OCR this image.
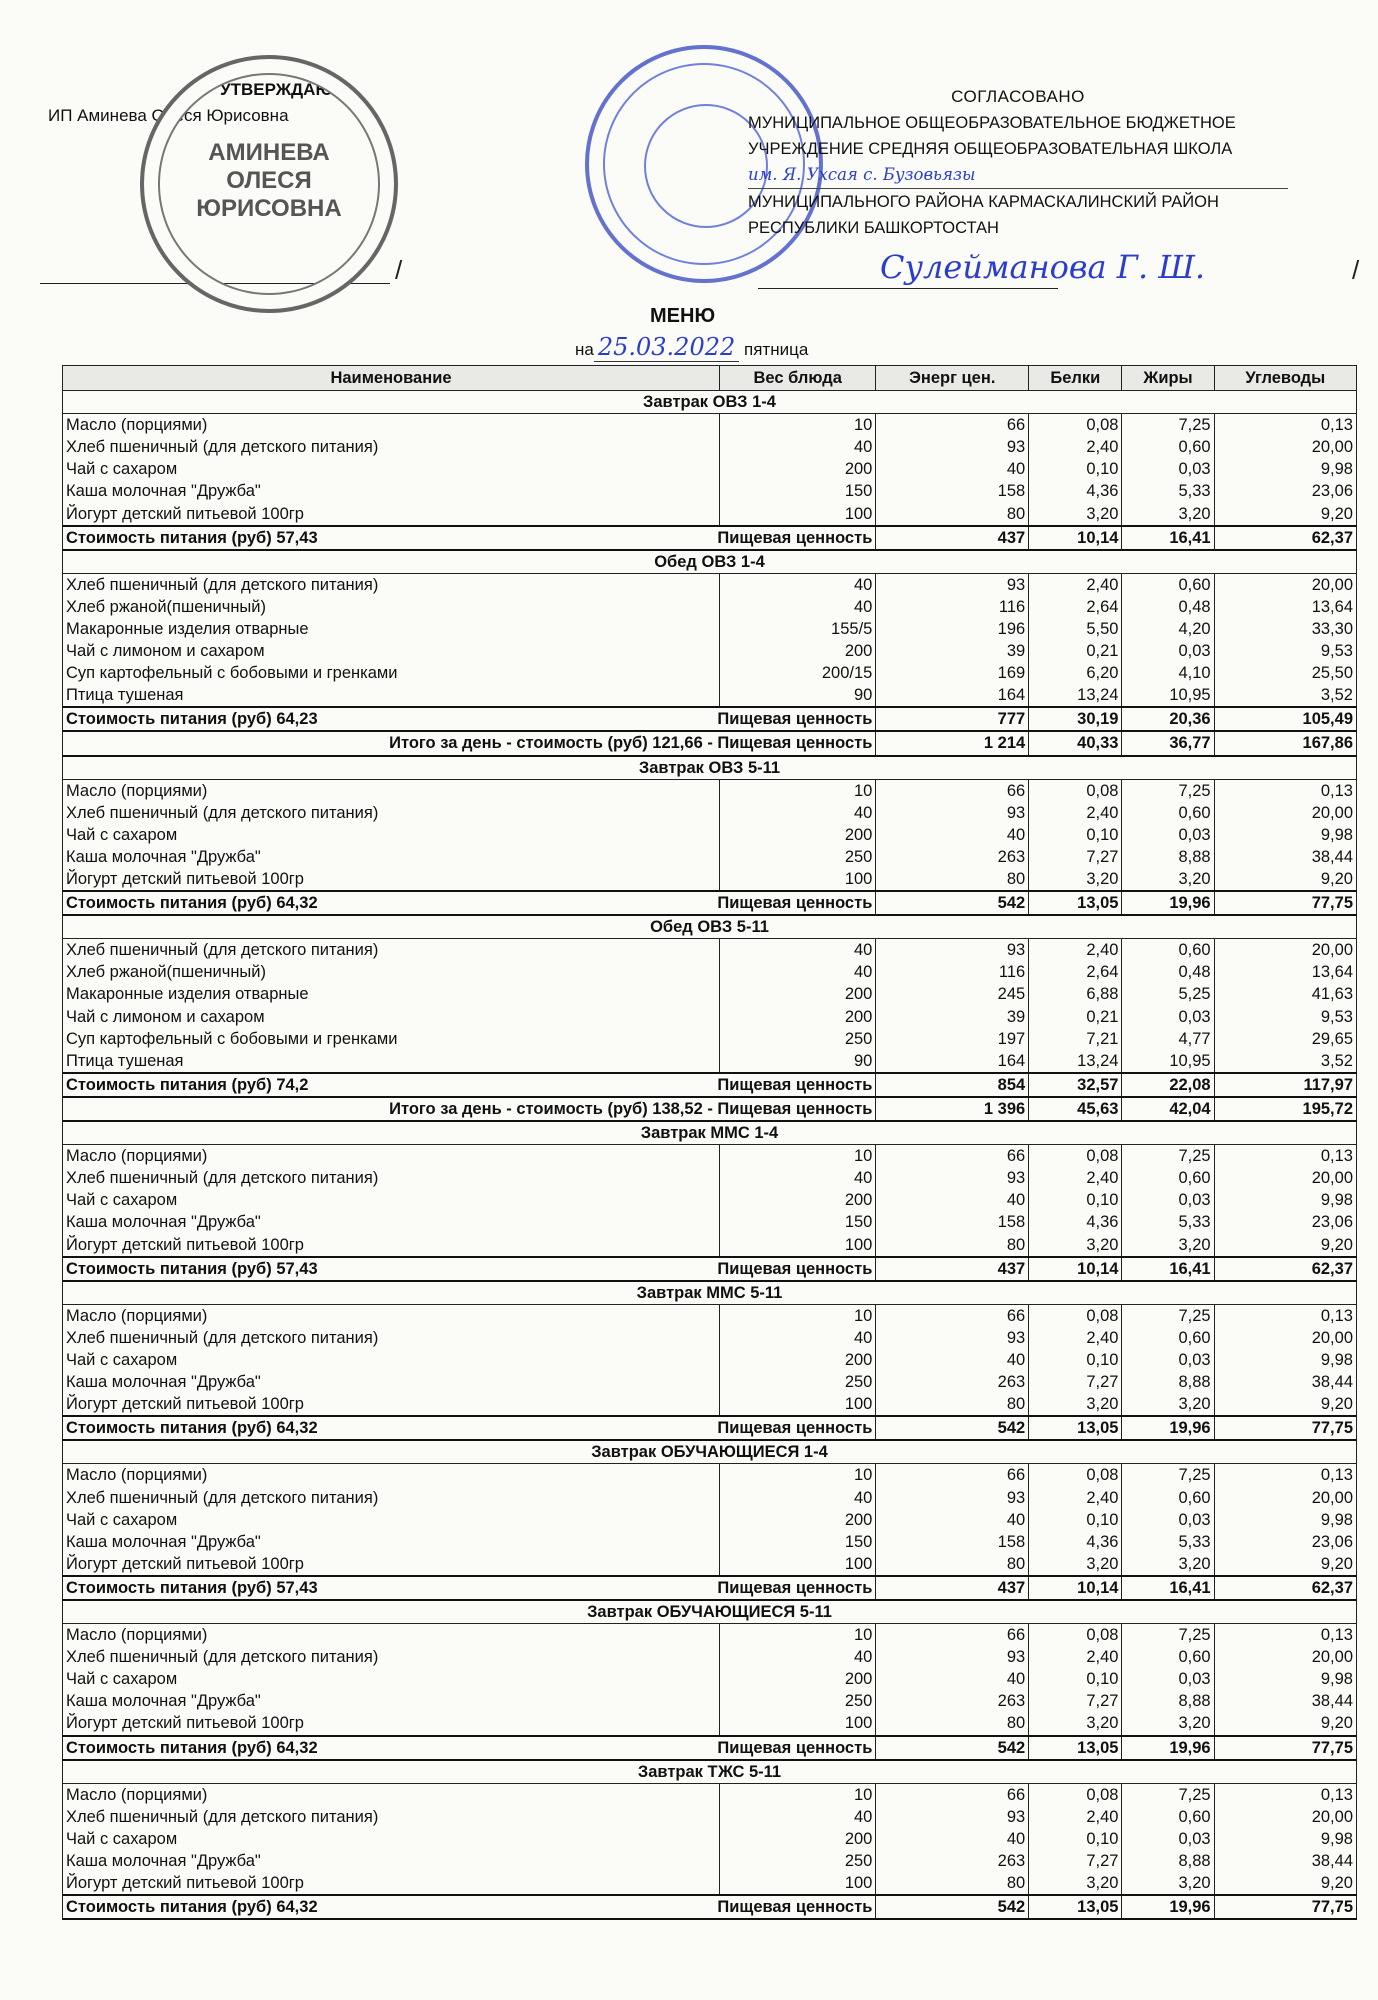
УТВЕРЖДАЮ
ИП Аминева Олеся Юрисовна
АМИНЕВА
ОЛЕСЯ
ЮРИСОВНА
/	/
СОГЛАСОВАНО
МУНИЦИПАЛЬНОЕ ОБЩЕОБРАЗОВАТЕЛЬНОЕ БЮДЖЕТНОЕ
УЧРЕЖДЕНИЕ СРЕДНЯЯ ОБЩЕОБРАЗОВАТЕЛЬНАЯ ШКОЛА
им. Я. Ухсая с. Бузовьязы
МУНИЦИПАЛЬНОГО РАЙОНА КАРМАСКАЛИНСКИЙ РАЙОН
РЕСПУБЛИКИ БАШКОРТОСТАН
Сулейманова Г. Ш.
МЕНЮ
на 25.03.2022 пятница
Наименование	Вес блюда	Энерг цен.	Белки	Жиры	Углеводы
Завтрак ОВЗ 1-4					
Масло (порциями)	10	66	0,08	7,25	0,13
Хлеб пшеничный (для детского питания)	40	93	2,40	0,60	20,00
Чай с сахаром	200	40	0,10	0,03	9,98
Каша молочная "Дружба"	150	158	4,36	5,33	23,06
Йогурт детский питьевой 100гр	100	80	3,20	3,20	9,20
Стоимость питания (руб) 57,43 Пищевая ценность		437	10,14	16,41	62,37
Обед ОВЗ 1-4					
Хлеб пшеничный (для детского питания)	40	93	2,40	0,60	20,00
Хлеб ржаной(пшеничный)	40	116	2,64	0,48	13,64
Макаронные изделия отварные	155/5	196	5,50	4,20	33,30
Чай с лимоном и сахаром	200	39	0,21	0,03	9,53
Суп картофельный с бобовыми и гренками	200/15	169	6,20	4,10	25,50
Птица тушеная	90	164	13,24	10,95	3,52
Стоимость питания (руб) 64,23 Пищевая ценность		777	30,19	20,36	105,49
Итого за день - стоимость (руб) 121,66 - Пищевая ценность		1 214	40,33	36,77	167,86
Завтрак ОВЗ 5-11					
Масло (порциями)	10	66	0,08	7,25	0,13
Хлеб пшеничный (для детского питания)	40	93	2,40	0,60	20,00
Чай с сахаром	200	40	0,10	0,03	9,98
Каша молочная "Дружба"	250	263	7,27	8,88	38,44
Йогурт детский питьевой 100гр	100	80	3,20	3,20	9,20
Стоимость питания (руб) 64,32 Пищевая ценность		542	13,05	19,96	77,75
Обед ОВЗ 5-11					
Хлеб пшеничный (для детского питания)	40	93	2,40	0,60	20,00
Хлеб ржаной(пшеничный)	40	116	2,64	0,48	13,64
Макаронные изделия отварные	200	245	6,88	5,25	41,63
Чай с лимоном и сахаром	200	39	0,21	0,03	9,53
Суп картофельный с бобовыми и гренками	250	197	7,21	4,77	29,65
Птица тушеная	90	164	13,24	10,95	3,52
Стоимость питания (руб) 74,2 Пищевая ценность		854	32,57	22,08	117,97
Итого за день - стоимость (руб) 138,52 - Пищевая ценность		1 396	45,63	42,04	195,72
Завтрак ММС 1-4					
Масло (порциями)	10	66	0,08	7,25	0,13
Хлеб пшеничный (для детского питания)	40	93	2,40	0,60	20,00
Чай с сахаром	200	40	0,10	0,03	9,98
Каша молочная "Дружба"	150	158	4,36	5,33	23,06
Йогурт детский питьевой 100гр	100	80	3,20	3,20	9,20
Стоимость питания (руб) 57,43 Пищевая ценность		437	10,14	16,41	62,37
Завтрак ММС 5-11					
Масло (порциями)	10	66	0,08	7,25	0,13
Хлеб пшеничный (для детского питания)	40	93	2,40	0,60	20,00
Чай с сахаром	200	40	0,10	0,03	9,98
Каша молочная "Дружба"	250	263	7,27	8,88	38,44
Йогурт детский питьевой 100гр	100	80	3,20	3,20	9,20
Стоимость питания (руб) 64,32 Пищевая ценность		542	13,05	19,96	77,75
Завтрак ОБУЧАЮЩИЕСЯ 1-4					
Масло (порциями)	10	66	0,08	7,25	0,13
Хлеб пшеничный (для детского питания)	40	93	2,40	0,60	20,00
Чай с сахаром	200	40	0,10	0,03	9,98
Каша молочная "Дружба"	150	158	4,36	5,33	23,06
Йогурт детский питьевой 100гр	100	80	3,20	3,20	9,20
Стоимость питания (руб) 57,43 Пищевая ценность		437	10,14	16,41	62,37
Завтрак ОБУЧАЮЩИЕСЯ 5-11					
Масло (порциями)	10	66	0,08	7,25	0,13
Хлеб пшеничный (для детского питания)	40	93	2,40	0,60	20,00
Чай с сахаром	200	40	0,10	0,03	9,98
Каша молочная "Дружба"	250	263	7,27	8,88	38,44
Йогурт детский питьевой 100гр	100	80	3,20	3,20	9,20
Стоимость питания (руб) 64,32 Пищевая ценность		542	13,05	19,96	77,75
Завтрак ТЖС 5-11					
Масло (порциями)	10	66	0,08	7,25	0,13
Хлеб пшеничный (для детского питания)	40	93	2,40	0,60	20,00
Чай с сахаром	200	40	0,10	0,03	9,98
Каша молочная "Дружба"	250	263	7,27	8,88	38,44
Йогурт детский питьевой 100гр	100	80	3,20	3,20	9,20
Стоимость питания (руб) 64,32 Пищевая ценность		542	13,05	19,96	77,75
